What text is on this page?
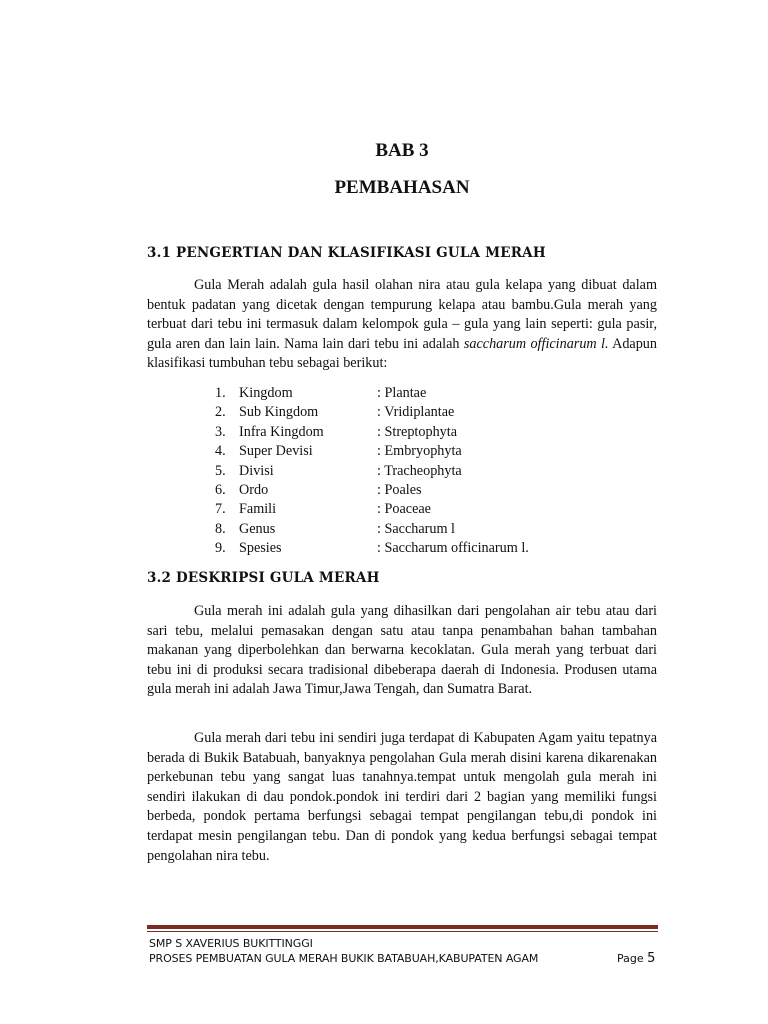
BAB 3
PEMBAHASAN
3.1 PENGERTIAN DAN KLASIFIKASI GULA MERAH

Gula Merah adalah gula hasil olahan nira atau gula kelapa yang dibuat dalam bentuk padatan yang dicetak dengan tempurung kelapa atau bambu.Gula merah yang terbuat dari tebu ini termasuk dalam kelompok gula – gula yang lain seperti: gula pasir, gula aren dan lain lain. Nama lain dari tebu ini adalah saccharum officinarum l. Adapun klasifikasi tumbuhan tebu sebagai berikut:

1. Kingdom	: Plantae
2. Sub Kingdom	: Vridiplantae
3. Infra Kingdom	: Streptophyta
4. Super Devisi	: Embryophyta
5. Divisi	: Tracheophyta
6. Ordo	: Poales
7. Famili	: Poaceae
8. Genus	: Saccharum l
9. Spesies	: Saccharum officinarum l.
3.2 DESKRIPSI GULA MERAH

Gula merah ini adalah gula yang dihasilkan dari pengolahan air tebu atau dari sari tebu, melalui pemasakan dengan satu atau tanpa penambahan bahan tambahan makanan yang diperbolehkan dan berwarna kecoklatan. Gula merah yang terbuat dari tebu ini di produksi secara tradisional dibeberapa daerah di Indonesia. Produsen utama gula merah ini adalah Jawa Timur,Jawa Tengah, dan Sumatra Barat.

Gula merah dari tebu ini sendiri juga terdapat di Kabupaten Agam yaitu tepatnya berada di Bukik Batabuah, banyaknya pengolahan Gula merah disini karena dikarenakan perkebunan tebu yang sangat luas tanahnya.tempat untuk mengolah gula merah ini sendiri ilakukan di dau pondok.pondok ini terdiri dari 2 bagian yang memiliki fungsi berbeda, pondok pertama berfungsi sebagai tempat pengilangan tebu,di pondok ini terdapat mesin pengilangan tebu. Dan di pondok yang kedua berfungsi sebagai tempat pengolahan nira tebu.

SMP S XAVERIUS BUKITTINGGI
PROSES PEMBUATAN GULA MERAH BUKIK BATABUAH,KABUPATEN AGAM	Page 5
